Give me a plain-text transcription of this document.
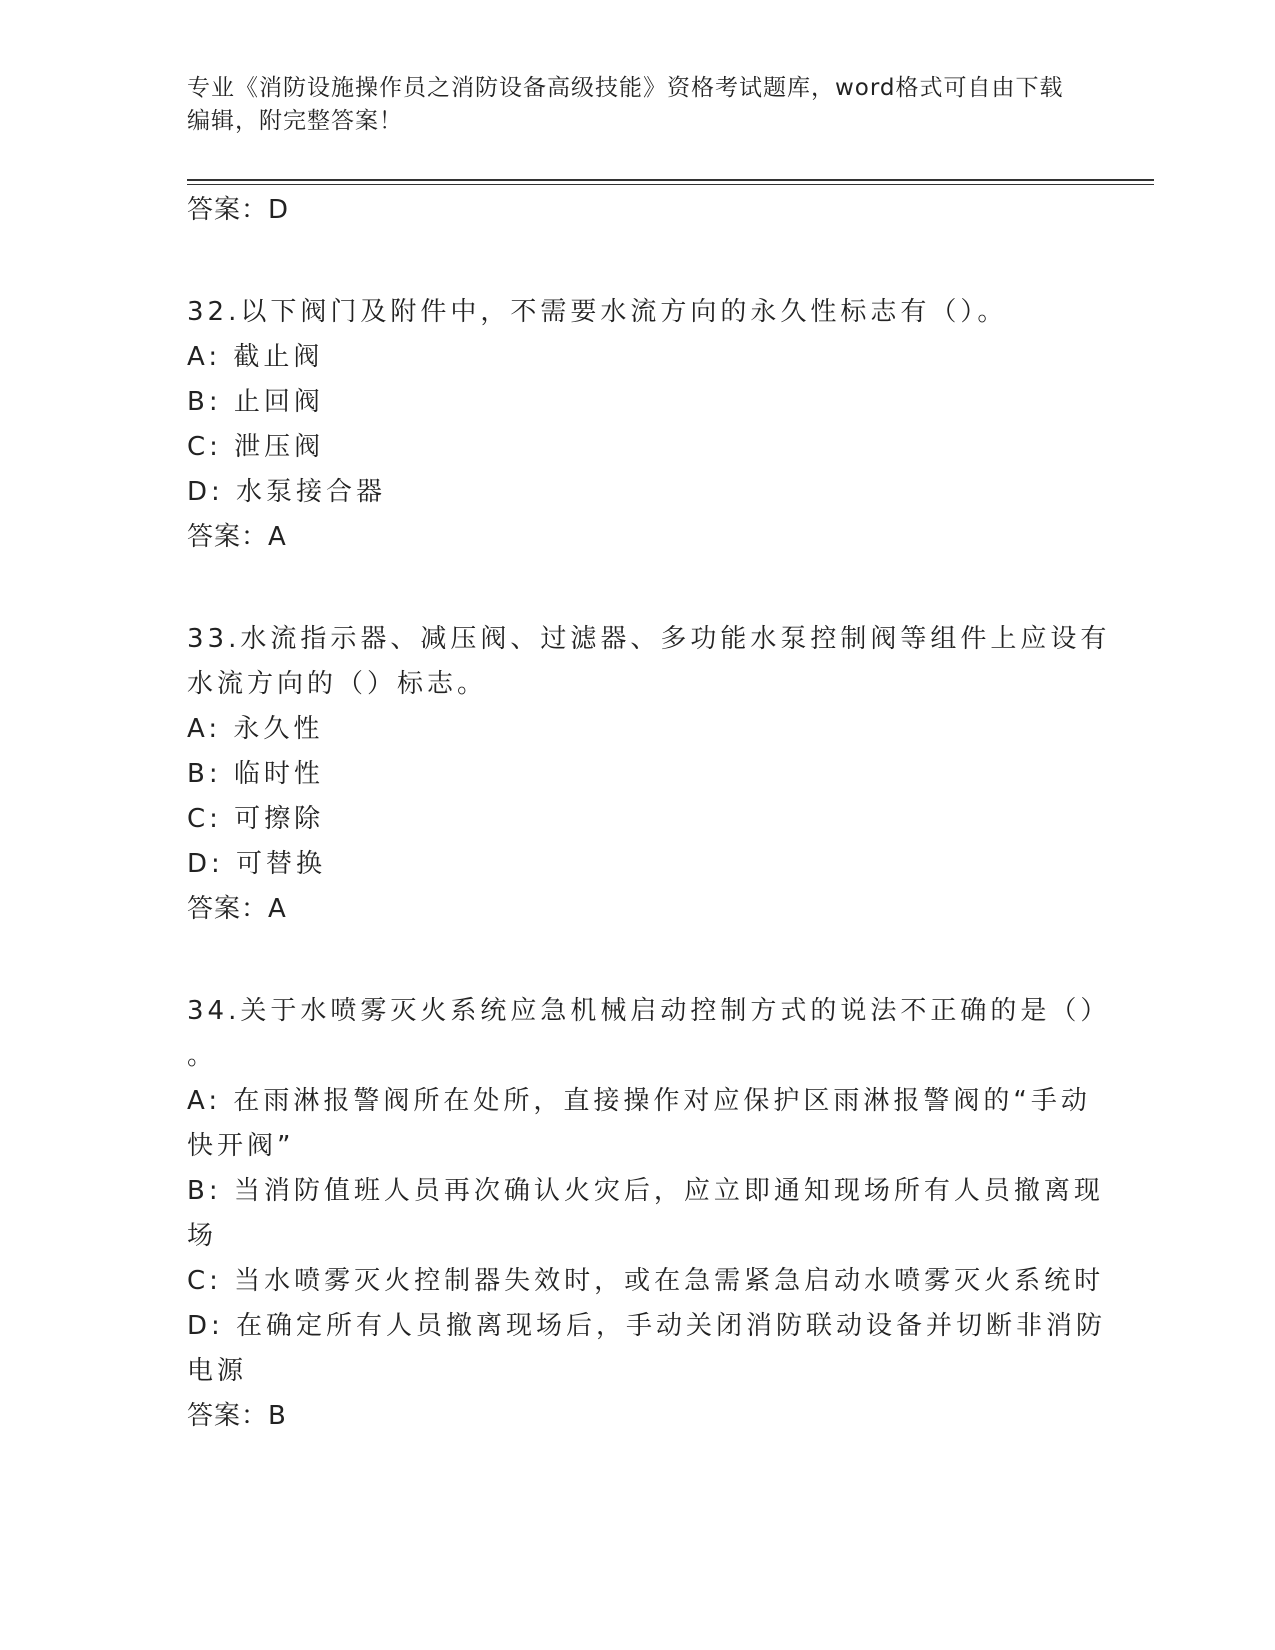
专业《消防设施操作员之消防设备高级技能》资格考试题库，word格式可自由下载编辑，附完整答案！
答案：D
32.以下阀门及附件中，不需要水流方向的永久性标志有（）。
A: 截止阀
B: 止回阀
C: 泄压阀
D: 水泵接合器
答案：A
33.水流指示器、减压阀、过滤器、多功能水泵控制阀等组件上应设有
水流方向的（）标志。
A: 永久性
B: 临时性
C: 可擦除
D: 可替换
答案：A
34.关于水喷雾灭火系统应急机械启动控制方式的说法不正确的是（）
。
A: 在雨淋报警阀所在处所，直接操作对应保护区雨淋报警阀的“手动
快开阀”
B: 当消防值班人员再次确认火灾后，应立即通知现场所有人员撤离现
场
C: 当水喷雾灭火控制器失效时，或在急需紧急启动水喷雾灭火系统时
D: 在确定所有人员撤离现场后，手动关闭消防联动设备并切断非消防
电源
答案：B
